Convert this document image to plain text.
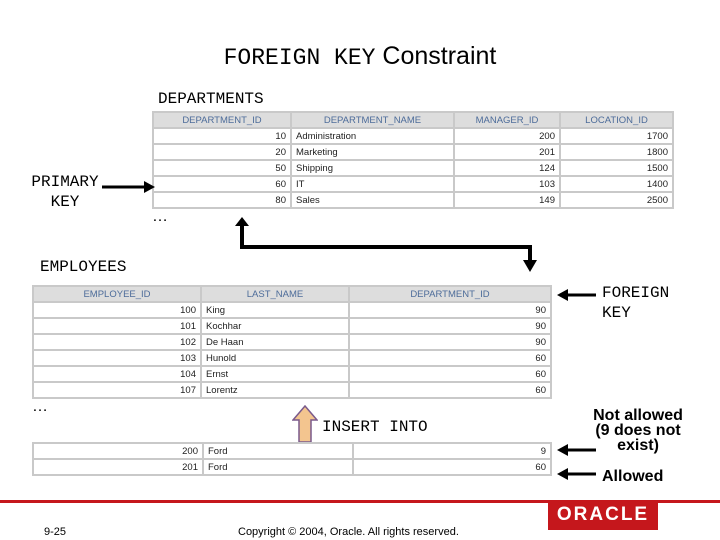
FOREIGN KEY Constraint
DEPARTMENTS
DEPARTMENT_ID	DEPARTMENT_NAME	MANAGER_ID	LOCATION_ID
10	Administration	200	1700
20	Marketing	201	1800
50	Shipping	124	1500
60	IT	103	1400
80	Sales	149	2500
…
PRIMARY
KEY
EMPLOYEES
EMPLOYEE_ID	LAST_NAME	DEPARTMENT_ID
100	King	90
101	Kochhar	90
102	De Haan	90
103	Hunold	60
104	Ernst	60
107	Lorentz	60
…
FOREIGN
KEY
INSERT INTO
200	Ford	9
201	Ford	60
Not allowed
(9 does not
exist)
Allowed
ORACLE
9-25	Copyright © 2004, Oracle. All rights reserved.
